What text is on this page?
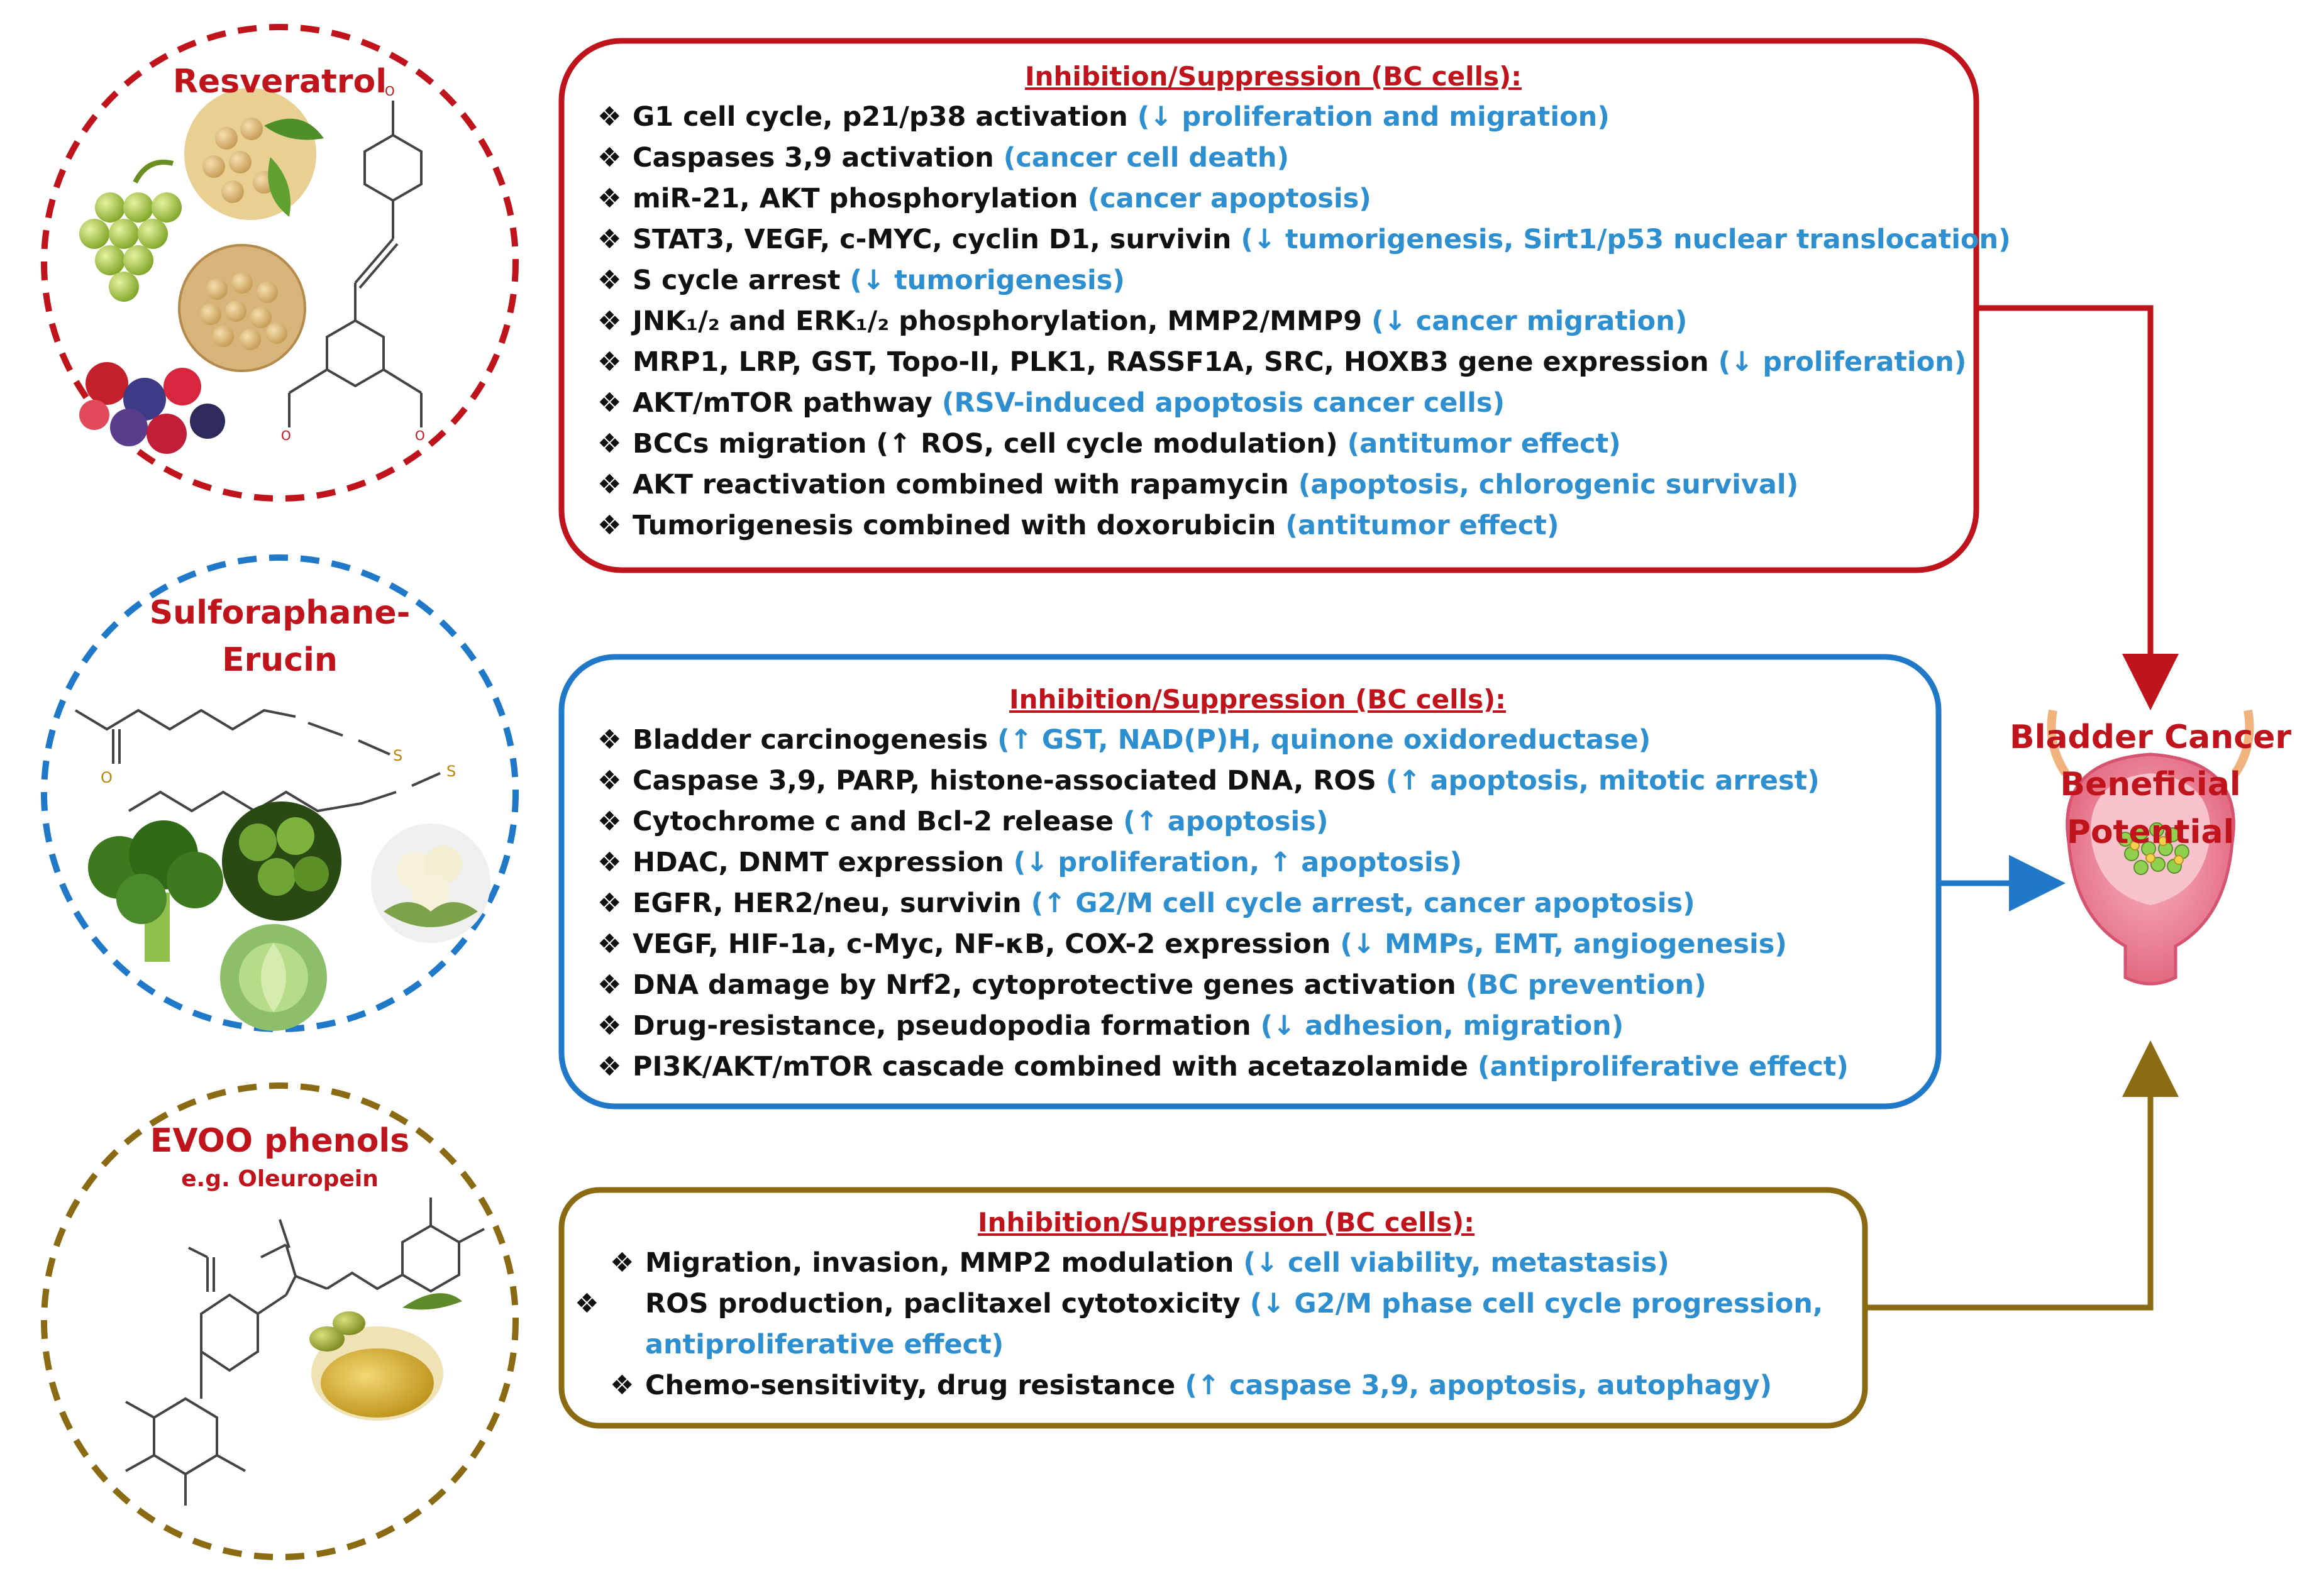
O
O	O
O
S
S
Resveratrol
Sulforaphane-
Erucin
EVOO phenols
e.g. Oleuropein
Inhibition/Suppression (BC cells):
❖ G1 cell cycle, p21/p38 activation (↓ proliferation and migration)
❖ Caspases 3,9 activation (cancer cell death)
❖ miR-21, AKT phosphorylation (cancer apoptosis)
❖ STAT3, VEGF, c-MYC, cyclin D1, survivin (↓ tumorigenesis, Sirt1/p53 nuclear translocation)
❖ S cycle arrest (↓ tumorigenesis)
❖ JNK₁/₂ and ERK₁/₂ phosphorylation, MMP2/MMP9 (↓ cancer migration)
❖ MRP1, LRP, GST, Topo-II, PLK1, RASSF1A, SRC, HOXB3 gene expression (↓ proliferation)
❖ AKT/mTOR pathway (RSV-induced apoptosis cancer cells)
❖ BCCs migration (↑ ROS, cell cycle modulation) (antitumor effect)
❖ AKT reactivation combined with rapamycin (apoptosis, chlorogenic survival)
❖ Tumorigenesis combined with doxorubicin (antitumor effect)
Inhibition/Suppression (BC cells):
❖ Bladder carcinogenesis (↑ GST, NAD(P)H, quinone oxidoreductase)
❖ Caspase 3,9, PARP, histone-associated DNA, ROS (↑ apoptosis, mitotic arrest)
❖ Cytochrome c and Bcl-2 release (↑ apoptosis)
❖ HDAC, DNMT expression (↓ proliferation, ↑ apoptosis)
❖ EGFR, HER2/neu, survivin (↑ G2/M cell cycle arrest, cancer apoptosis)
❖ VEGF, HIF-1a, c-Myc, NF-κB, COX-2 expression (↓ MMPs, EMT, angiogenesis)
❖ DNA damage by Nrf2, cytoprotective genes activation (BC prevention)
❖ Drug-resistance, pseudopodia formation (↓ adhesion, migration)
❖ PI3K/AKT/mTOR cascade combined with acetazolamide (antiproliferative effect)
Inhibition/Suppression (BC cells):
❖ Migration, invasion, MMP2 modulation (↓ cell viability, metastasis)
❖ ROS production, paclitaxel cytotoxicity (↓ G2/M phase cell cycle progression, antiproliferative effect)
❖ Chemo-sensitivity, drug resistance (↑ caspase 3,9, apoptosis, autophagy)
Bladder Cancer
Beneficial Potential
